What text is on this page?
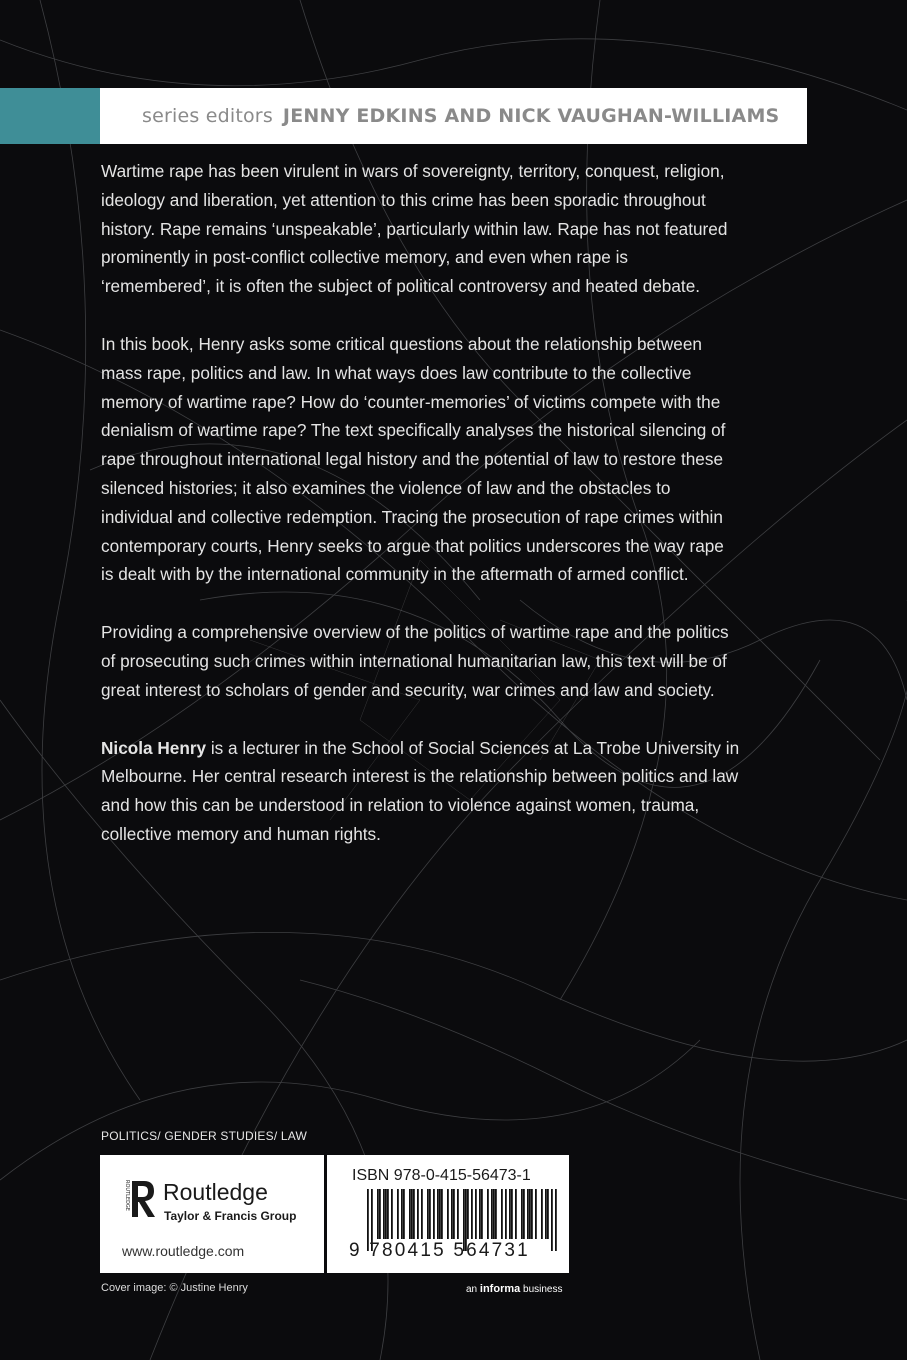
series editors JENNY EDKINS AND NICK VAUGHAN-WILLIAMS

Wartime rape has been virulent in wars of sovereignty, territory, conquest, religion, ideology and liberation, yet attention to this crime has been sporadic throughout history. Rape remains ‘unspeakable’, particularly within law. Rape has not featured prominently in post-conflict collective memory, and even when rape is ‘remembered’, it is often the subject of political controversy and heated debate.

In this book, Henry asks some critical questions about the relationship between mass rape, politics and law. In what ways does law contribute to the collective memory of wartime rape? How do ‘counter-memories’ of victims compete with the denialism of wartime rape? The text specifically analyses the historical silencing of rape throughout international legal history and the potential of law to restore these silenced histories; it also examines the violence of law and the obstacles to individual and collective redemption. Tracing the prosecution of rape crimes within contemporary courts, Henry seeks to argue that politics underscores the way rape is dealt with by the international community in the aftermath of armed conflict.

Providing a comprehensive overview of the politics of wartime rape and the politics of prosecuting such crimes within international humanitarian law, this text will be of great interest to scholars of gender and security, war crimes and law and society.

Nicola Henry is a lecturer in the School of Social Sciences at La Trobe University in Melbourne. Her central research interest is the relationship between politics and law and how this can be understood in relation to violence against women, trauma, collective memory and human rights.

POLITICS/ GENDER STUDIES/ LAW
ROUTLEDGE Routledge
Taylor & Francis Group
www.routledge.com
ISBN 978-0-415-56473-1
9 780415 564731
Cover image: © Justine Henry	an informa business
